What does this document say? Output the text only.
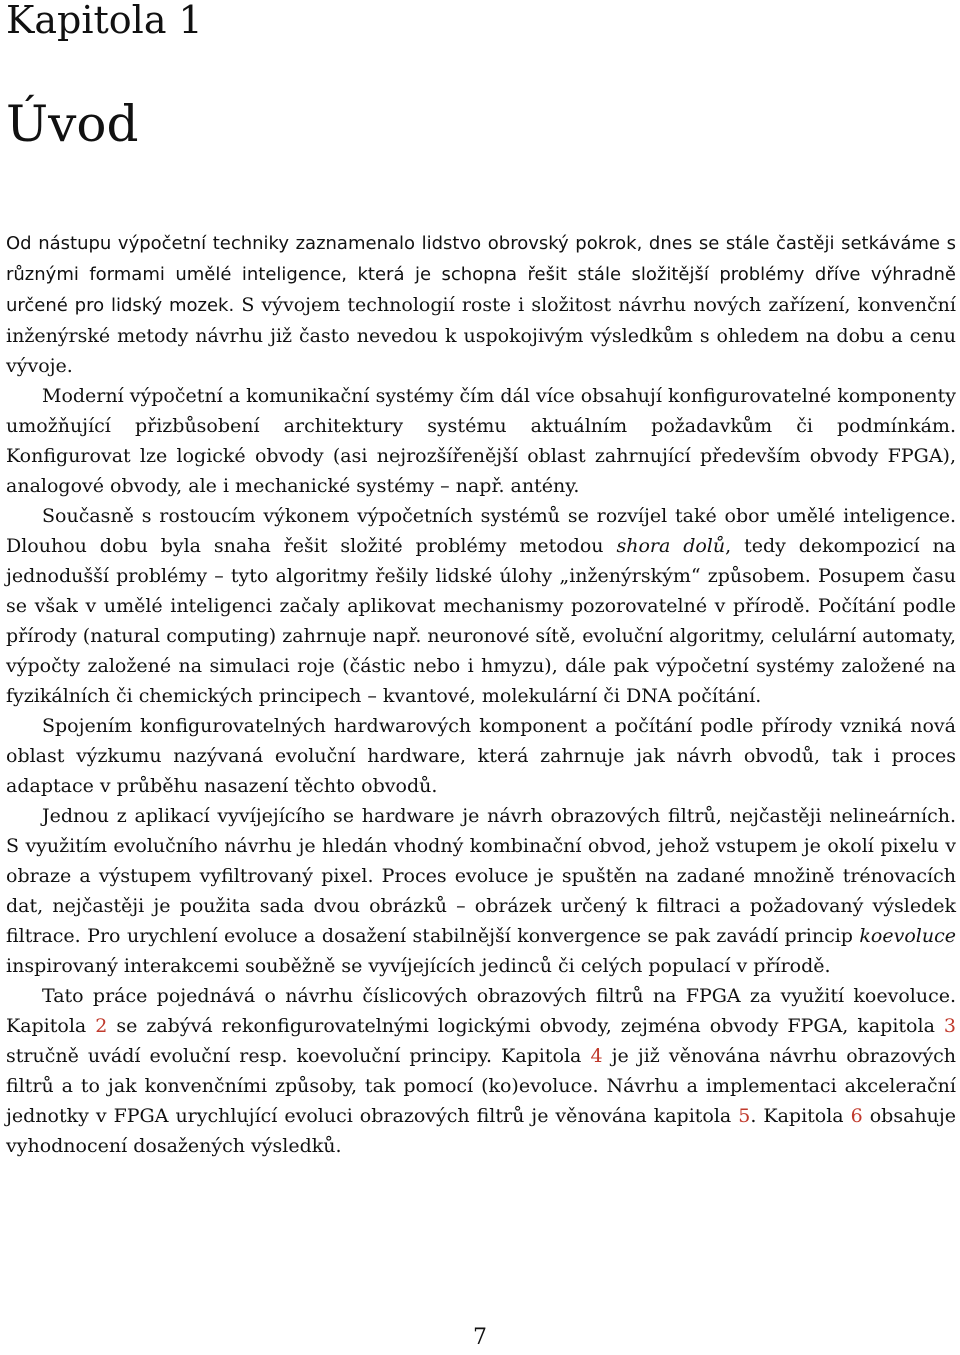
Kapitola 1
Úvod

Od nástupu výpočetní techniky zaznamenalo lidstvo obrovský pokrok, dnes se stále častěji setkáváme s různými formami umělé inteligence, která je schopna řešit stále složitější problémy dříve výhradně určené pro lidský mozek. S vývojem technologií roste i složitost návrhu nových zařízení, konvenční inženýrské metody návrhu již často nevedou k uspokojivým výsledkům s ohledem na dobu a cenu vývoje.

Moderní výpočetní a komunikační systémy čím dál více obsahují konfigurovatelné komponenty umožňující přizbůsobení architektury systému aktuálním požadavkům či podmínkám. Konfigurovat lze logické obvody (asi nejrozšířenější oblast zahrnující především obvody FPGA), analogové obvody, ale i mechanické systémy – např. antény.

Současně s rostoucím výkonem výpočetních systémů se rozvíjel také obor umělé inteligence. Dlouhou dobu byla snaha řešit složité problémy metodou shora dolů, tedy dekompozicí na jednodušší problémy – tyto algoritmy řešily lidské úlohy „inženýrským“ způsobem. Posupem času se však v umělé inteligenci začaly aplikovat mechanismy pozorovatelné v přírodě. Počítání podle přírody (natural computing) zahrnuje např. neuronové sítě, evoluční algoritmy, celulární automaty, výpočty založené na simulaci roje (částic nebo i hmyzu), dále pak výpočetní systémy založené na fyzikálních či chemických principech – kvantové, molekulární či DNA počítání.

Spojením konfigurovatelných hardwarových komponent a počítání podle přírody vzniká nová oblast výzkumu nazývaná evoluční hardware, která zahrnuje jak návrh obvodů, tak i proces adaptace v průběhu nasazení těchto obvodů.

Jednou z aplikací vyvíjejícího se hardware je návrh obrazových filtrů, nejčastěji nelineárních. S využitím evolučního návrhu je hledán vhodný kombinační obvod, jehož vstupem je okolí pixelu v obraze a výstupem vyfiltrovaný pixel. Proces evoluce je spuštěn na zadané množině trénovacích dat, nejčastěji je použita sada dvou obrázků – obrázek určený k filtraci a požadovaný výsledek filtrace. Pro urychlení evoluce a dosažení stabilnější konvergence se pak zavádí princip koevoluce inspirovaný interakcemi souběžně se vyvíjejících jedinců či celých populací v přírodě.

Tato práce pojednává o návrhu číslicových obrazových filtrů na FPGA za využití koevoluce. Kapitola 2 se zabývá rekonfigurovatelnými logickými obvody, zejména obvody FPGA, kapitola 3 stručně uvádí evoluční resp. koevoluční principy. Kapitola 4 je již věnována návrhu obrazových filtrů a to jak konvenčními způsoby, tak pomocí (ko)evoluce. Návrhu a implementaci akcelerační jednotky v FPGA urychlující evoluci obrazových filtrů je věnována kapitola 5. Kapitola 6 obsahuje vyhodnocení dosažených výsledků.

7
